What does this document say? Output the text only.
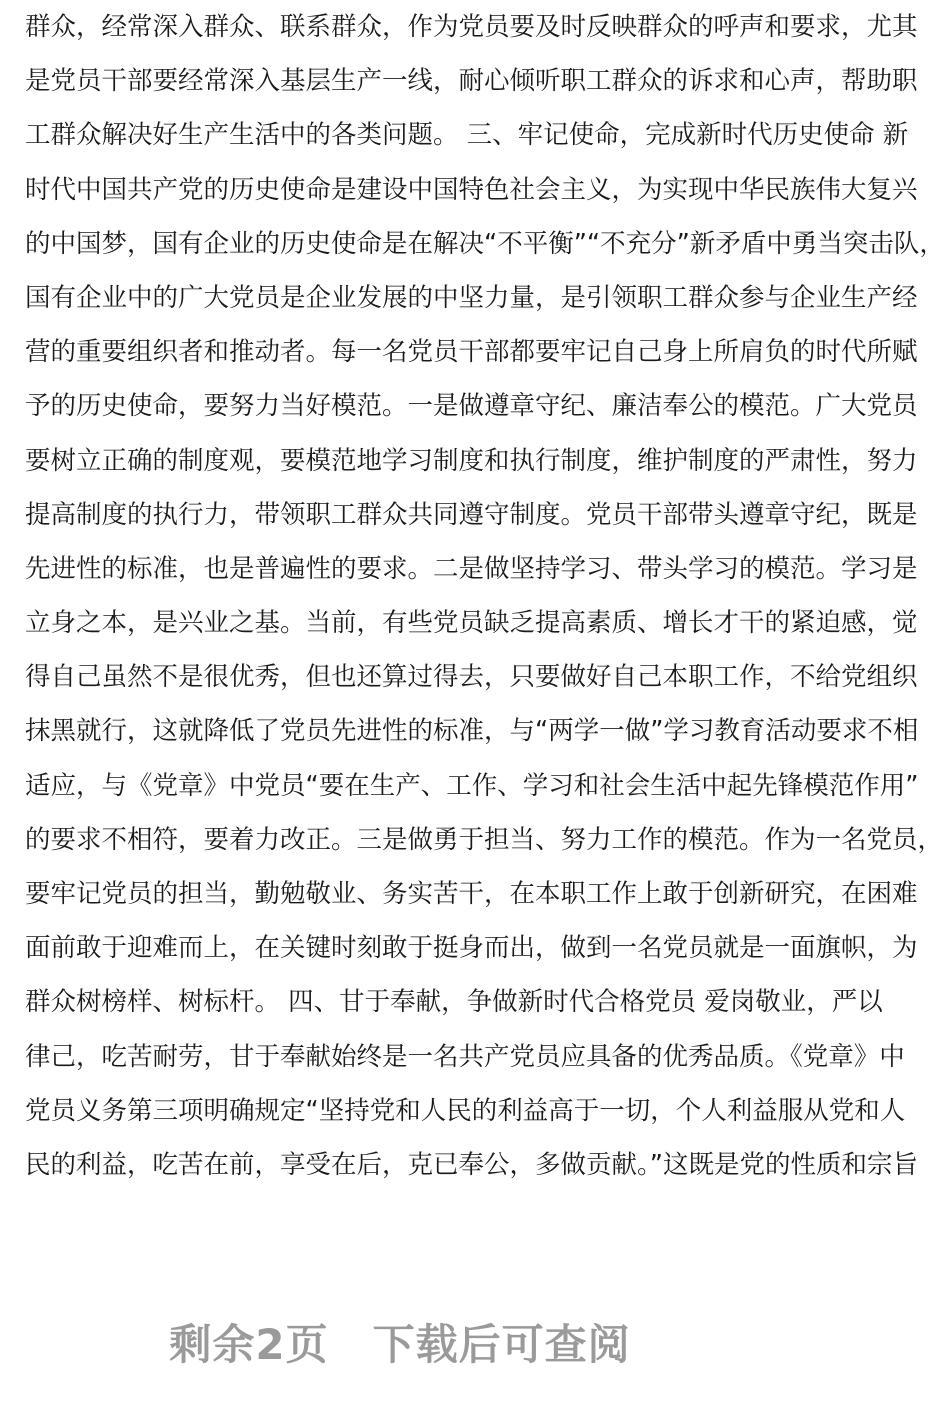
群众，经常深入群众、联系群众，作为党员要及时反映群众的呼声和要求，尤其
是党员干部要经常深入基层生产一线，耐心倾听职工群众的诉求和心声，帮助职
工群众解决好生产生活中的各类问题。 三、牢记使命，完成新时代历史使命 新
时代中国共产党的历史使命是建设中国特色社会主义，为实现中华民族伟大复兴
的中国梦，国有企业的历史使命是在解决“不平衡”“不充分”新矛盾中勇当突击队，
国有企业中的广大党员是企业发展的中坚力量，是引领职工群众参与企业生产经
营的重要组织者和推动者。每一名党员干部都要牢记自己身上所肩负的时代所赋
予的历史使命，要努力当好模范。一是做遵章守纪、廉洁奉公的模范。广大党员
要树立正确的制度观，要模范地学习制度和执行制度，维护制度的严肃性，努力
提高制度的执行力，带领职工群众共同遵守制度。党员干部带头遵章守纪，既是
先进性的标准，也是普遍性的要求。二是做坚持学习、带头学习的模范。学习是
立身之本，是兴业之基。当前，有些党员缺乏提高素质、增长才干的紧迫感，觉
得自己虽然不是很优秀，但也还算过得去，只要做好自己本职工作，不给党组织
抹黑就行，这就降低了党员先进性的标准，与“两学一做”学习教育活动要求不相
适应，与《党章》中党员“要在生产、工作、学习和社会生活中起先锋模范作用”
的要求不相符，要着力改正。三是做勇于担当、努力工作的模范。作为一名党员，
要牢记党员的担当，勤勉敬业、务实苦干，在本职工作上敢于创新研究，在困难
面前敢于迎难而上，在关键时刻敢于挺身而出，做到一名党员就是一面旗帜，为
群众树榜样、树标杆。 四、甘于奉献，争做新时代合格党员 爱岗敬业，严以
律己，吃苦耐劳，甘于奉献始终是一名共产党员应具备的优秀品质。《党章》中
党员义务第三项明确规定“坚持党和人民的利益高于一切，个人利益服从党和人
民的利益，吃苦在前，享受在后，克已奉公，多做贡献。”这既是党的性质和宗旨
剩余2页 下载后可查阅
